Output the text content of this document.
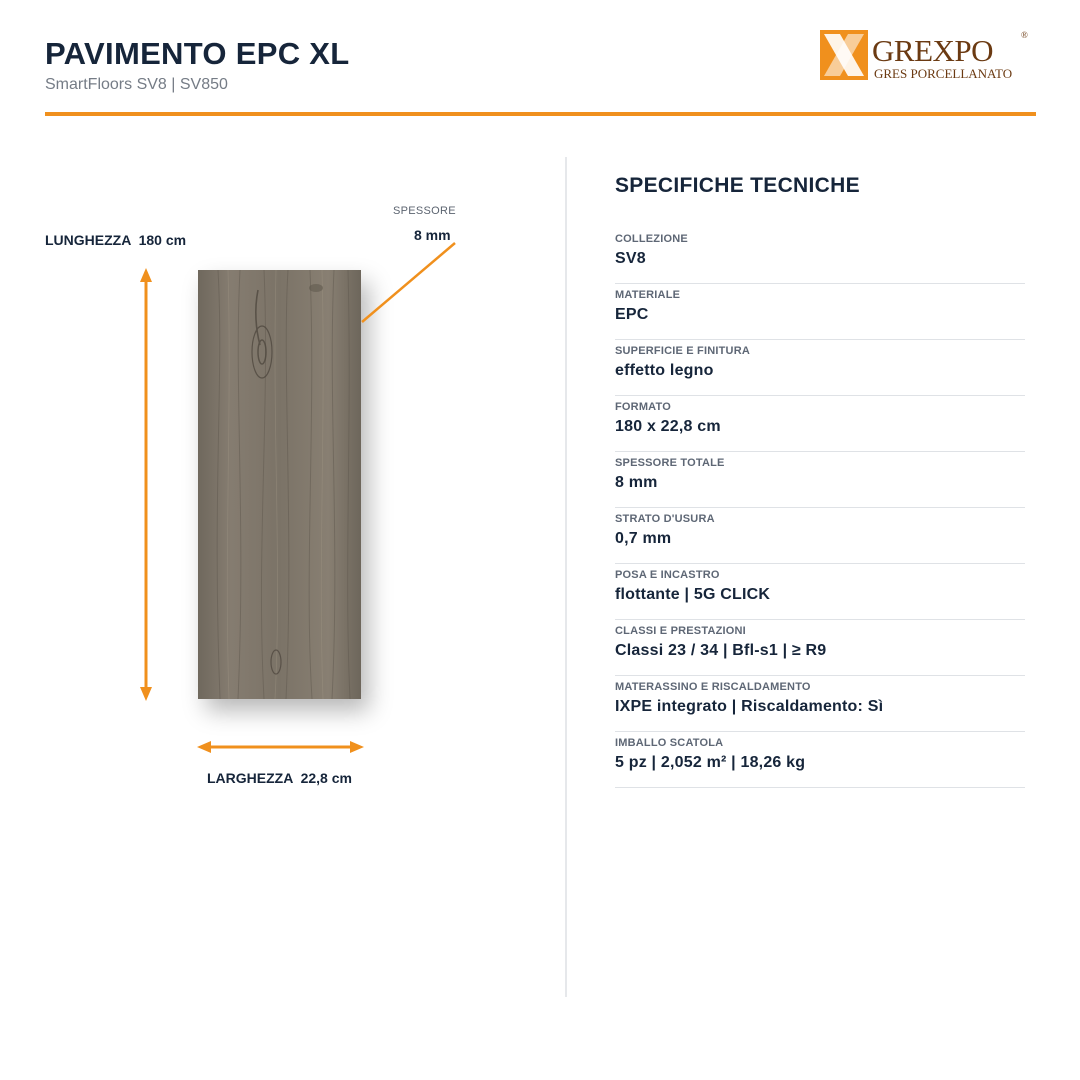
PAVIMENTO EPC XL
SmartFloors SV8 | SV850
GREXPO	®
GRES PORCELLANATO
LUNGHEZZA  180 cm
SPESSORE
8 mm
LARGHEZZA  22,8 cm
SPECIFICHE TECNICHE
COLLEZIONE
SV8
MATERIALE
EPC
SUPERFICIE E FINITURA
effetto legno
FORMATO
180 x 22,8 cm
SPESSORE TOTALE
8 mm
STRATO D'USURA
0,7 mm
POSA E INCASTRO
flottante | 5G CLICK
CLASSI E PRESTAZIONI
Classi 23 / 34 | Bfl-s1 | ≥ R9
MATERASSINO E RISCALDAMENTO
IXPE integrato | Riscaldamento: Sì
IMBALLO SCATOLA
5 pz | 2,052 m² | 18,26 kg
